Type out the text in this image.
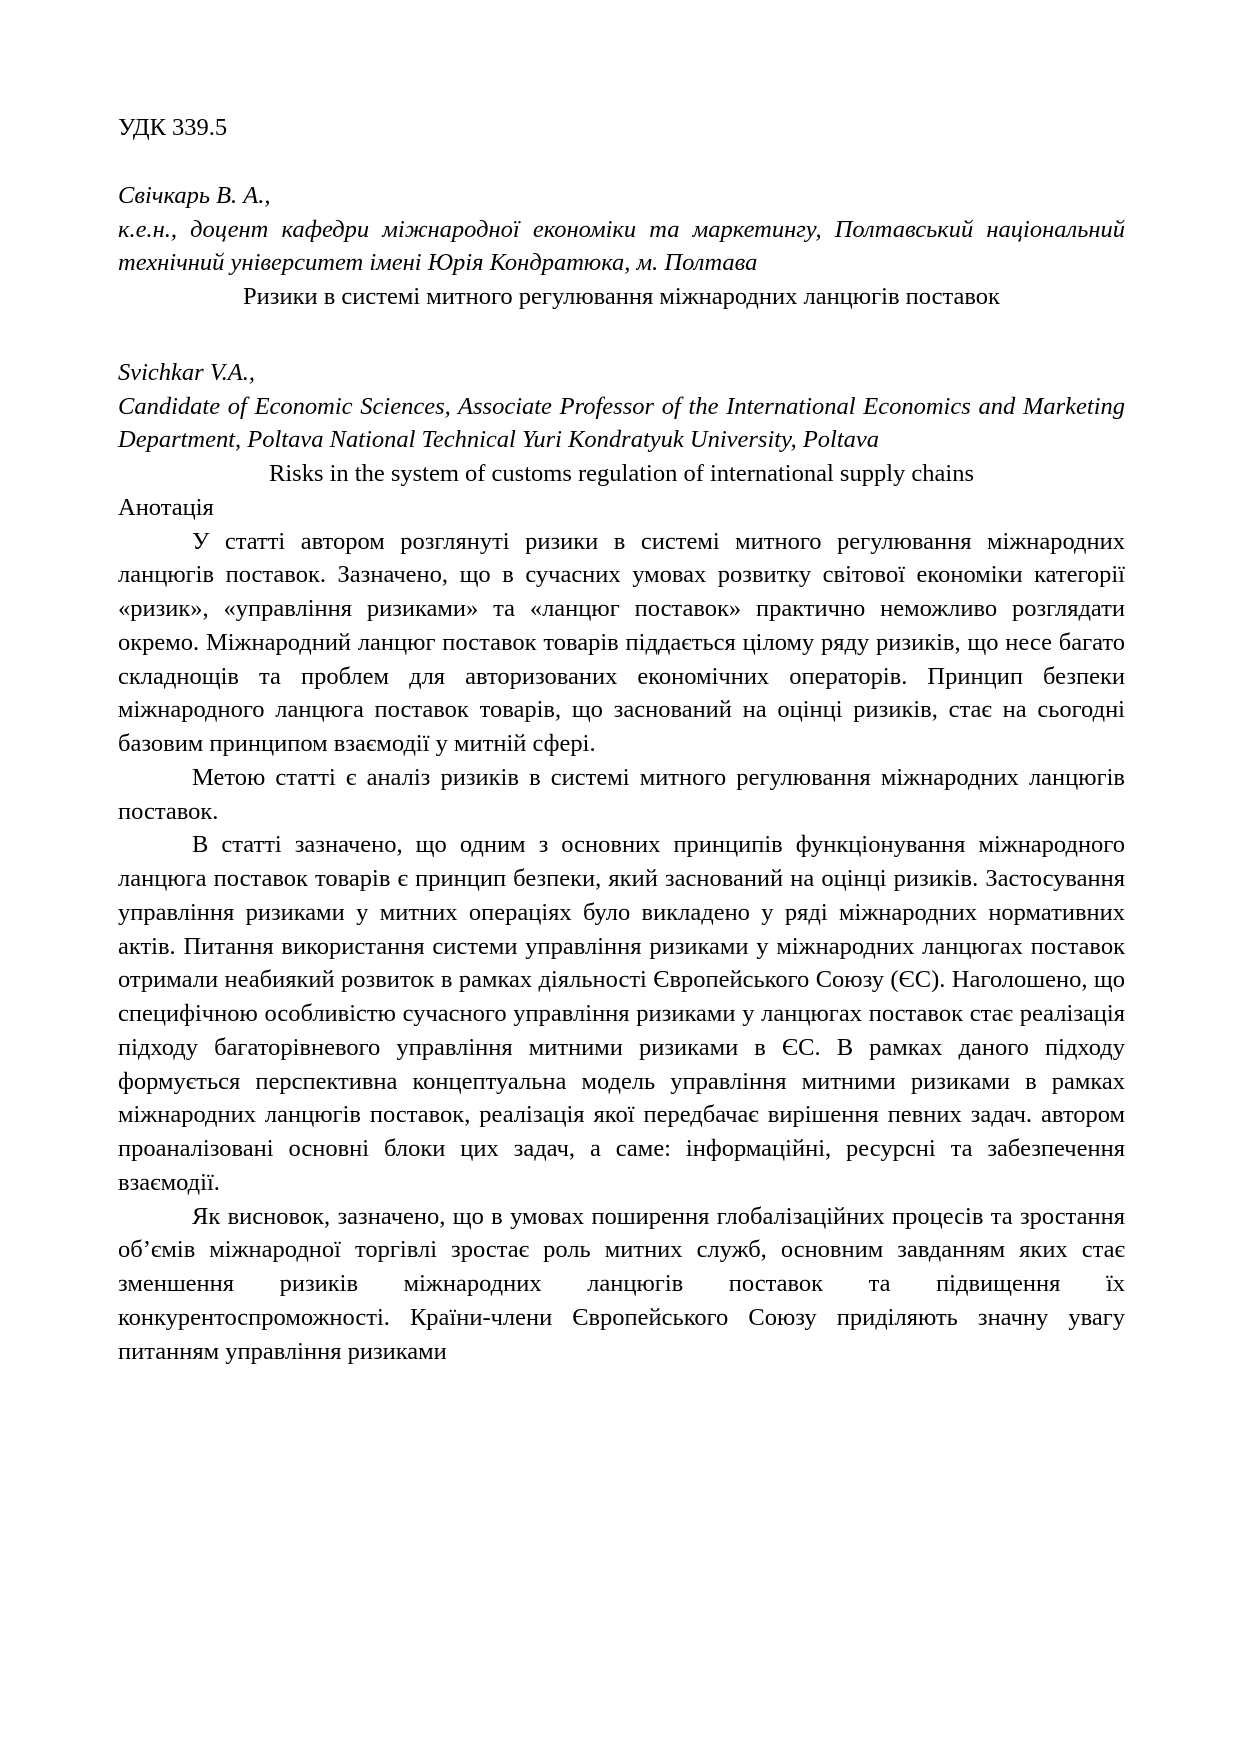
УДК 339.5

Свічкарь В. А.,

к.е.н., доцент кафедри міжнародної економіки та маркетингу, Полтавський національний технічний університет імені Юрія Кондратюка, м. Полтава

Ризики в системі митного регулювання міжнародних ланцюгів поставок

Svichkar V.A.,

Candidate of Economic Sciences, Associate Professor of the International Economics and Marketing Department, Poltava National Technical Yuri Kondratyuk University, Poltava

Risks in the system of customs regulation of international supply chains
Анотація

У статті автором розглянуті ризики в системі митного регулювання міжнародних ланцюгів поставок. Зазначено, що в сучасних умовах розвитку світової економіки категорії «ризик», «управління ризиками» та «ланцюг поставок» практично неможливо розглядати окремо. Міжнародний ланцюг поставок товарів піддається цілому ряду ризиків, що несе багато складнощів та проблем для авторизованих економічних операторів. Принцип безпеки міжнародного ланцюга поставок товарів, що заснований на оцінці ризиків, стає на сьогодні базовим принципом взаємодії у митній сфері.

Метою статті є аналіз ризиків в системі митного регулювання міжнародних ланцюгів поставок.

В статті зазначено, що одним з основних принципів функціонування міжнародного ланцюга поставок товарів є принцип безпеки, який заснований на оцінці ризиків. Застосування управління ризиками у митних операціях було викладено у ряді міжнародних нормативних актів. Питання використання системи управління ризиками у міжнародних ланцюгах поставок отримали неабиякий розвиток в рамках діяльності Європейського Союзу (ЄС). Наголошено, що специфічною особливістю сучасного управління ризиками у ланцюгах поставок стає реалізація підходу багаторівневого управління митними ризиками в ЄС. В рамках даного підходу формується перспективна концептуальна модель управління митними ризиками в рамках міжнародних ланцюгів поставок, реалізація якої передбачає вирішення певних задач. автором проаналізовані основні блоки цих задач, а саме: інформаційні, ресурсні та забезпечення взаємодії.

Як висновок, зазначено, що в умовах поширення глобалізаційних процесів та зростання об’ємів міжнародної торгівлі зростає роль митних служб, основним завданням яких стає зменшення ризиків міжнародних ланцюгів поставок та підвищення їх конкурентоспроможності. Країни-члени Європейського Союзу приділяють значну увагу питанням управління ризиками
